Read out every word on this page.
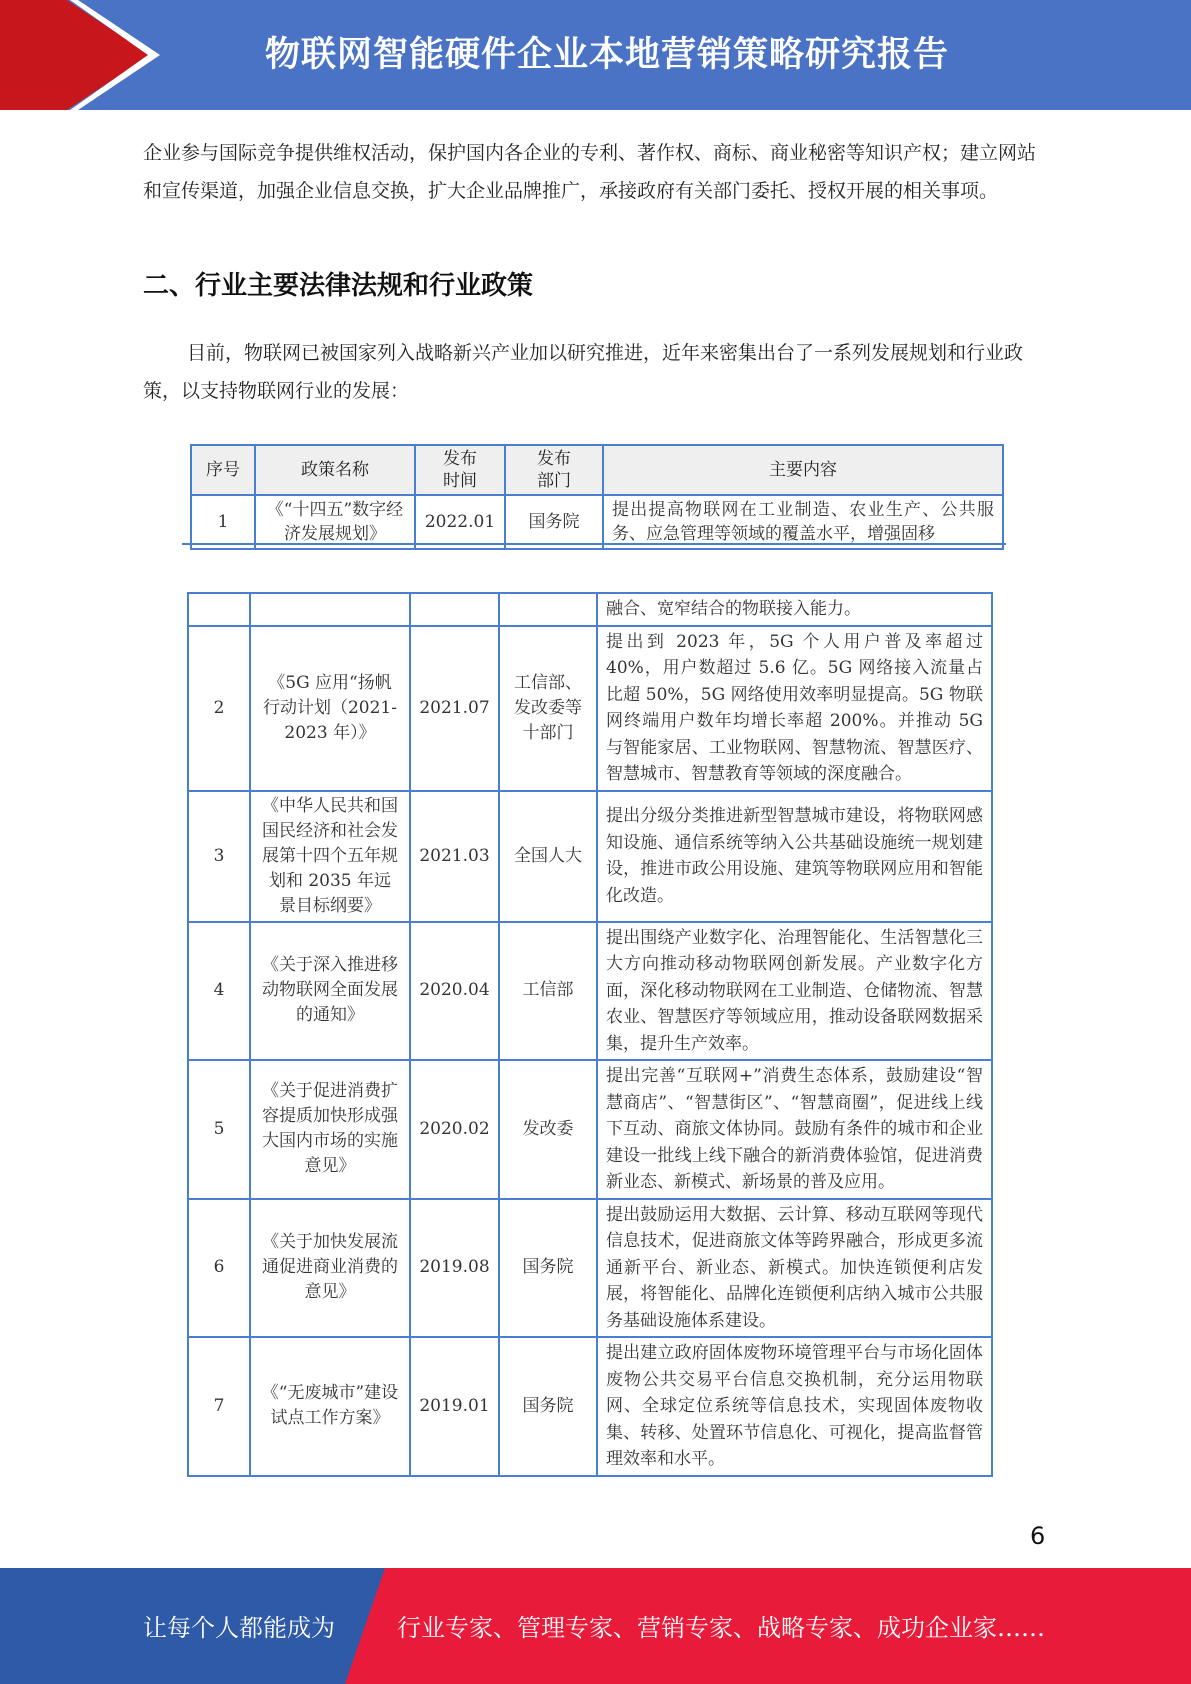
物联网智能硬件企业本地营销策略研究报告
企业参与国际竞争提供维权活动，保护国内各企业的专利、著作权、商标、商业秘密等知识产权；建立网站和宣传渠道，加强企业信息交换，扩大企业品牌推广，承接政府有关部门委托、授权开展的相关事项。
二、行业主要法律法规和行业政策
目前，物联网已被国家列入战略新兴产业加以研究推进，近年来密集出台了一系列发展规划和行业政策，以支持物联网行业的发展：
序号	政策名称	发布时间	发布部门	主要内容
1	《“十四五”数字经济发展规划》	2022.01	国务院	提出提高物联网在工业制造、农业生产、公共服务、应急管理等领域的覆盖水平，增强固移
				融合、宽窄结合的物联接入能力。
2	《5G 应用“扬帆行动计划（2021-2023 年）》	2021.07	工信部、发改委等十部门	提出到 2023 年，5G 个人用户普及率超过 40%，用户数超过 5.6 亿。5G 网络接入流量占比超 50%，5G 网络使用效率明显提高。5G 物联网终端用户数年均增长率超 200%。并推动 5G 与智能家居、工业物联网、智慧物流、智慧医疗、智慧城市、智慧教育等领域的深度融合。
3	《中华人民共和国国民经济和社会发展第十四个五年规划和 2035 年远景目标纲要》	2021.03	全国人大	提出分级分类推进新型智慧城市建设，将物联网感知设施、通信系统等纳入公共基础设施统一规划建设，推进市政公用设施、建筑等物联网应用和智能化改造。
4	《关于深入推进移动物联网全面发展的通知》	2020.04	工信部	提出围绕产业数字化、治理智能化、生活智慧化三大方向推动移动物联网创新发展。产业数字化方面，深化移动物联网在工业制造、仓储物流、智慧农业、智慧医疗等领域应用，推动设备联网数据采集，提升生产效率。
5	《关于促进消费扩容提质加快形成强大国内市场的实施意见》	2020.02	发改委	提出完善“互联网+”消费生态体系，鼓励建设“智慧商店”、“智慧街区”、“智慧商圈”，促进线上线下互动、商旅文体协同。鼓励有条件的城市和企业建设一批线上线下融合的新消费体验馆，促进消费新业态、新模式、新场景的普及应用。
6	《关于加快发展流通促进商业消费的意见》	2019.08	国务院	提出鼓励运用大数据、云计算、移动互联网等现代信息技术，促进商旅文体等跨界融合，形成更多流通新平台、新业态、新模式。加快连锁便利店发展，将智能化、品牌化连锁便利店纳入城市公共服务基础设施体系建设。
7	《“无废城市”建设试点工作方案》	2019.01	国务院	提出建立政府固体废物环境管理平台与市场化固体废物公共交易平台信息交换机制，充分运用物联网、全球定位系统等信息技术，实现固体废物收集、转移、处置环节信息化、可视化，提高监督管理效率和水平。
6
让每个人都能成为	行业专家、管理专家、营销专家、战略专家、成功企业家……
